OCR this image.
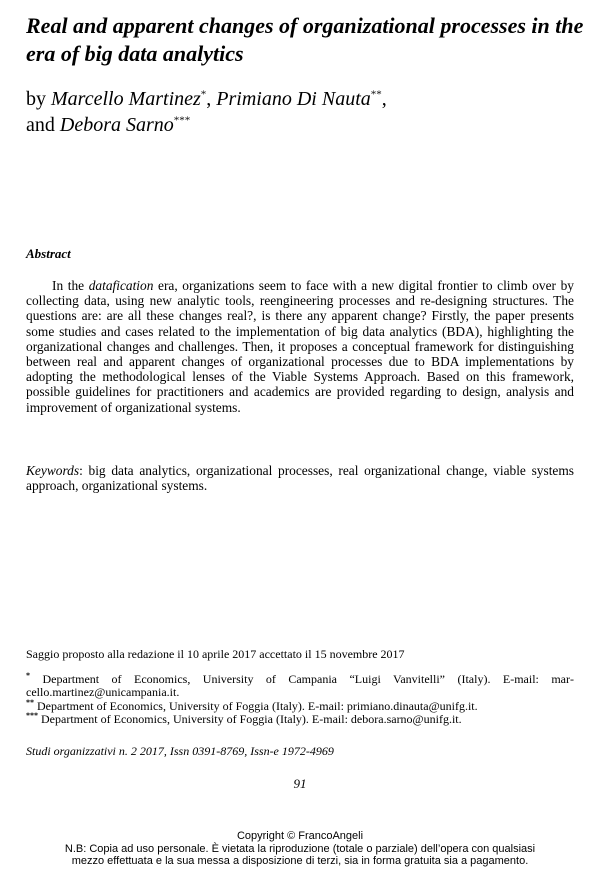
Real and apparent changes of organizational processes in the era of big data analytics
by Marcello Martinez*, Primiano Di Nauta**,
and Debora Sarno***
Abstract

In the datafication era, organizations seem to face with a new digital frontier to climb over by collecting data, using new analytic tools, reengineering processes and re-designing structures. The questions are: are all these changes real?, is there any apparent change? Firstly, the paper presents some studies and cases related to the implementation of big data analytics (BDA), highlighting the organizational changes and challenges. Then, it proposes a conceptual framework for distinguishing between real and apparent changes of organizational processes due to BDA implementations by adopting the methodological lenses of the Viable Systems Approach. Based on this framework, possible guidelines for practitioners and academics are provided regarding to design, analysis and improvement of organizational systems.

Keywords: big data analytics, organizational processes, real organizational change, viable systems approach, organizational systems.

Saggio proposto alla redazione il 10 aprile 2017 accettato il 15 novembre 2017
* Department of Economics, University of Campania “Luigi Vanvitelli” (Italy). E-mail: marcello.martinez@unicampania.it.
** Department of Economics, University of Foggia (Italy). E-mail: primiano.dinauta@unifg.it.
*** Department of Economics, University of Foggia (Italy). E-mail: debora.sarno@unifg.it.
Studi organizzativi n. 2 2017, Issn 0391-8769, Issn-e 1972-4969
91
Copyright © FrancoAngeli
N.B: Copia ad uso personale. È vietata la riproduzione (totale o parziale) dell’opera con qualsiasi
mezzo effettuata e la sua messa a disposizione di terzi, sia in forma gratuita sia a pagamento.
